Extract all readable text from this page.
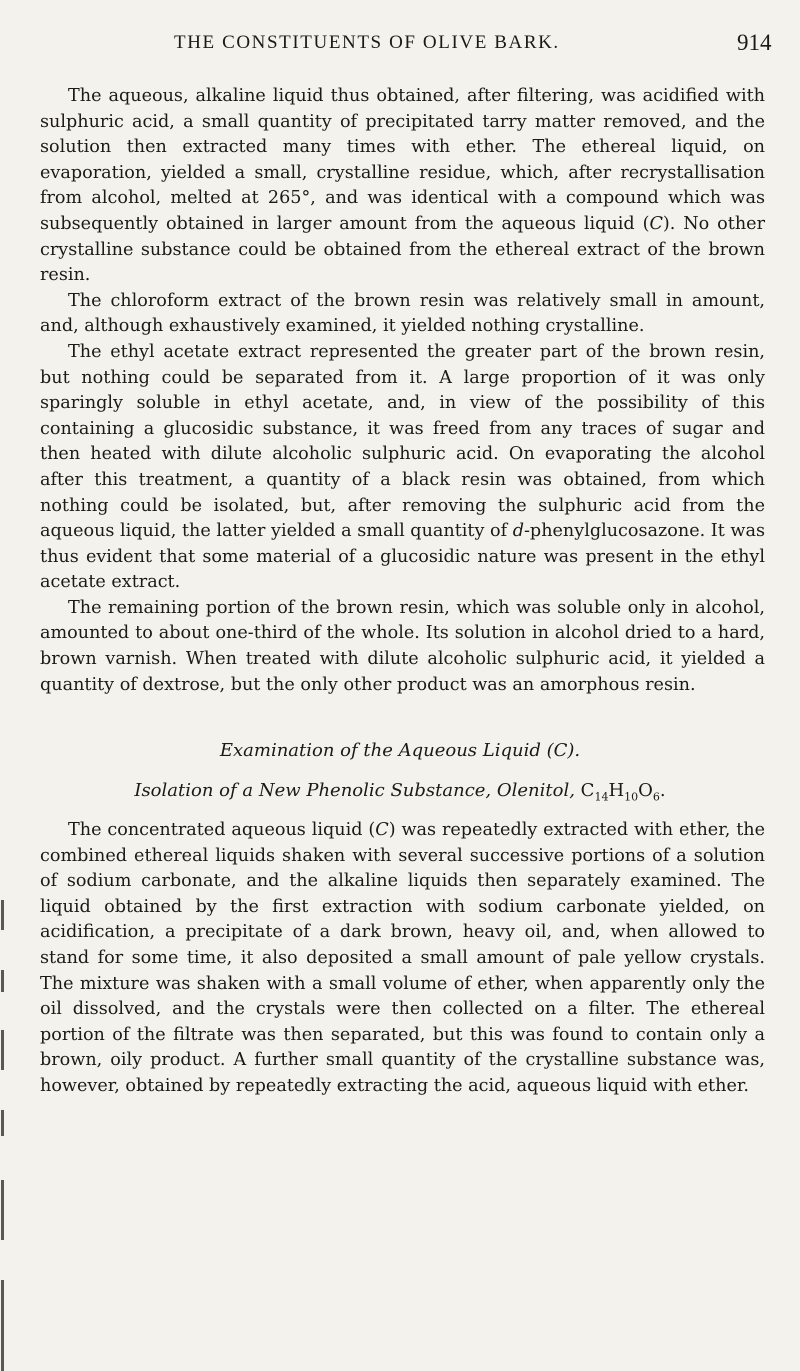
THE CONSTITUENTS OF OLIVE BARK.	914

The aqueous, alkaline liquid thus obtained, after filtering, was acidified with sulphuric acid, a small quantity of precipitated tarry matter removed, and the solution then extracted many times with ether. The ethereal liquid, on evaporation, yielded a small, crystalline residue, which, after recrystallisation from alcohol, melted at 265°, and was identical with a compound which was subsequently obtained in larger amount from the aqueous liquid (C). No other crystalline substance could be obtained from the ethereal extract of the brown resin.

The chloroform extract of the brown resin was relatively small in amount, and, although exhaustively examined, it yielded nothing crystalline.

The ethyl acetate extract represented the greater part of the brown resin, but nothing could be separated from it. A large proportion of it was only sparingly soluble in ethyl acetate, and, in view of the possibility of this containing a glucosidic substance, it was freed from any traces of sugar and then heated with dilute alcoholic sulphuric acid. On evaporating the alcohol after this treatment, a quantity of a black resin was obtained, from which nothing could be isolated, but, after removing the sulphuric acid from the aqueous liquid, the latter yielded a small quantity of d-phenylglucosazone. It was thus evident that some material of a glucosidic nature was present in the ethyl acetate extract.

The remaining portion of the brown resin, which was soluble only in alcohol, amounted to about one-third of the whole. Its solution in alcohol dried to a hard, brown varnish. When treated with dilute alcoholic sulphuric acid, it yielded a quantity of dextrose, but the only other product was an amorphous resin.

Examination of the Aqueous Liquid (C).
Isolation of a New Phenolic Substance, Olenitol, $C_{14}H_{10}O_6$.

The concentrated aqueous liquid (C) was repeatedly extracted with ether, the combined ethereal liquids shaken with several successive portions of a solution of sodium carbonate, and the alkaline liquids then separately examined. The liquid obtained by the first extraction with sodium carbonate yielded, on acidification, a precipitate of a dark brown, heavy oil, and, when allowed to stand for some time, it also deposited a small amount of pale yellow crystals. The mixture was shaken with a small volume of ether, when apparently only the oil dissolved, and the crystals were then collected on a filter. The ethereal portion of the filtrate was then separated, but this was found to contain only a brown, oily product. A further small quantity of the crystalline substance was, however, obtained by repeatedly extracting the acid, aqueous liquid with ether.
